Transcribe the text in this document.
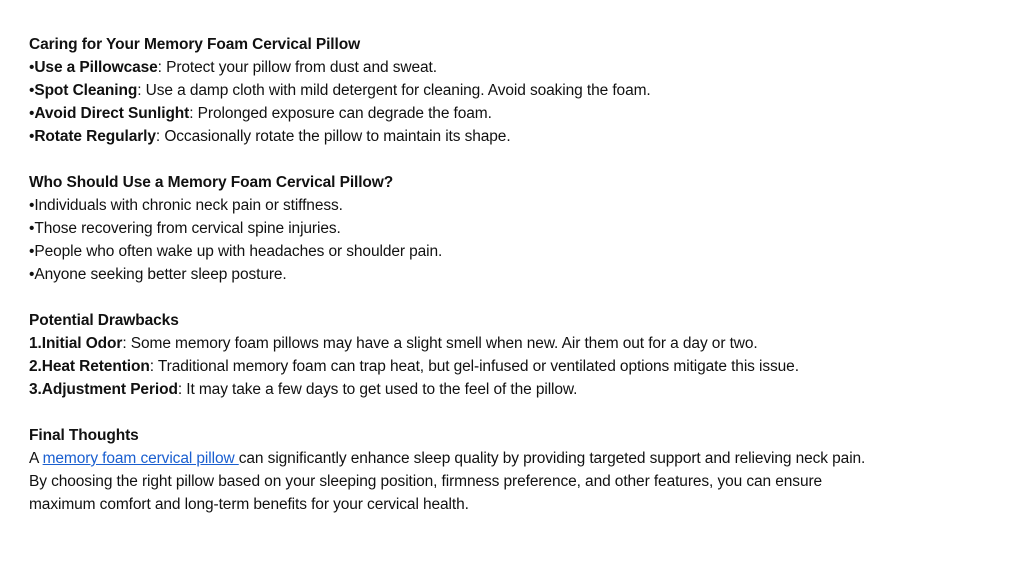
Caring for Your Memory Foam Cervical Pillow
•Use a Pillowcase: Protect your pillow from dust and sweat.
•Spot Cleaning: Use a damp cloth with mild detergent for cleaning. Avoid soaking the foam.
•Avoid Direct Sunlight: Prolonged exposure can degrade the foam.
•Rotate Regularly: Occasionally rotate the pillow to maintain its shape.
Who Should Use a Memory Foam Cervical Pillow?
•Individuals with chronic neck pain or stiffness.
•Those recovering from cervical spine injuries.
•People who often wake up with headaches or shoulder pain.
•Anyone seeking better sleep posture.
Potential Drawbacks
1.Initial Odor: Some memory foam pillows may have a slight smell when new. Air them out for a day or two.
2.Heat Retention: Traditional memory foam can trap heat, but gel-infused or ventilated options mitigate this issue.
3.Adjustment Period: It may take a few days to get used to the feel of the pillow.
Final Thoughts
A memory foam cervical pillow can significantly enhance sleep quality by providing targeted support and relieving neck pain.
By choosing the right pillow based on your sleeping position, firmness preference, and other features, you can ensure
maximum comfort and long-term benefits for your cervical health.
